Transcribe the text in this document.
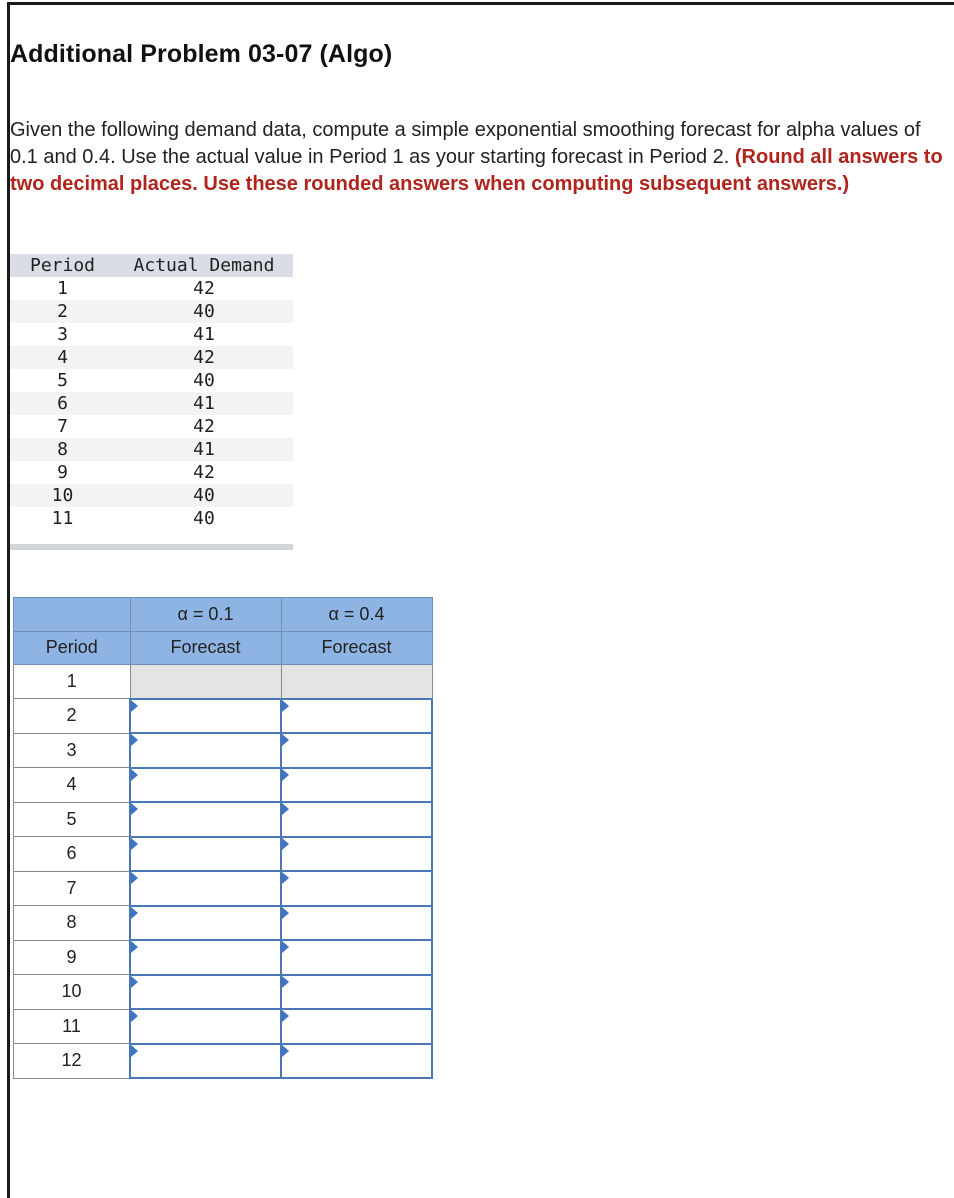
Additional Problem 03-07 (Algo)

Given the following demand data, compute a simple exponential smoothing forecast for alpha values of 0.1 and 0.4. Use the actual value in Period 1 as your starting forecast in Period 2. (Round all answers to two decimal places. Use these rounded answers when computing subsequent answers.)

Period	Actual Demand
1	42
2	40
3	41
4	42
5	40
6	41
7	42
8	41
9	42
10	40
11	40
	α = 0.1	α = 0.4
Period	Forecast	Forecast
1		
2		
3		
4		
5		
6		
7		
8		
9		
10		
11		
12		
